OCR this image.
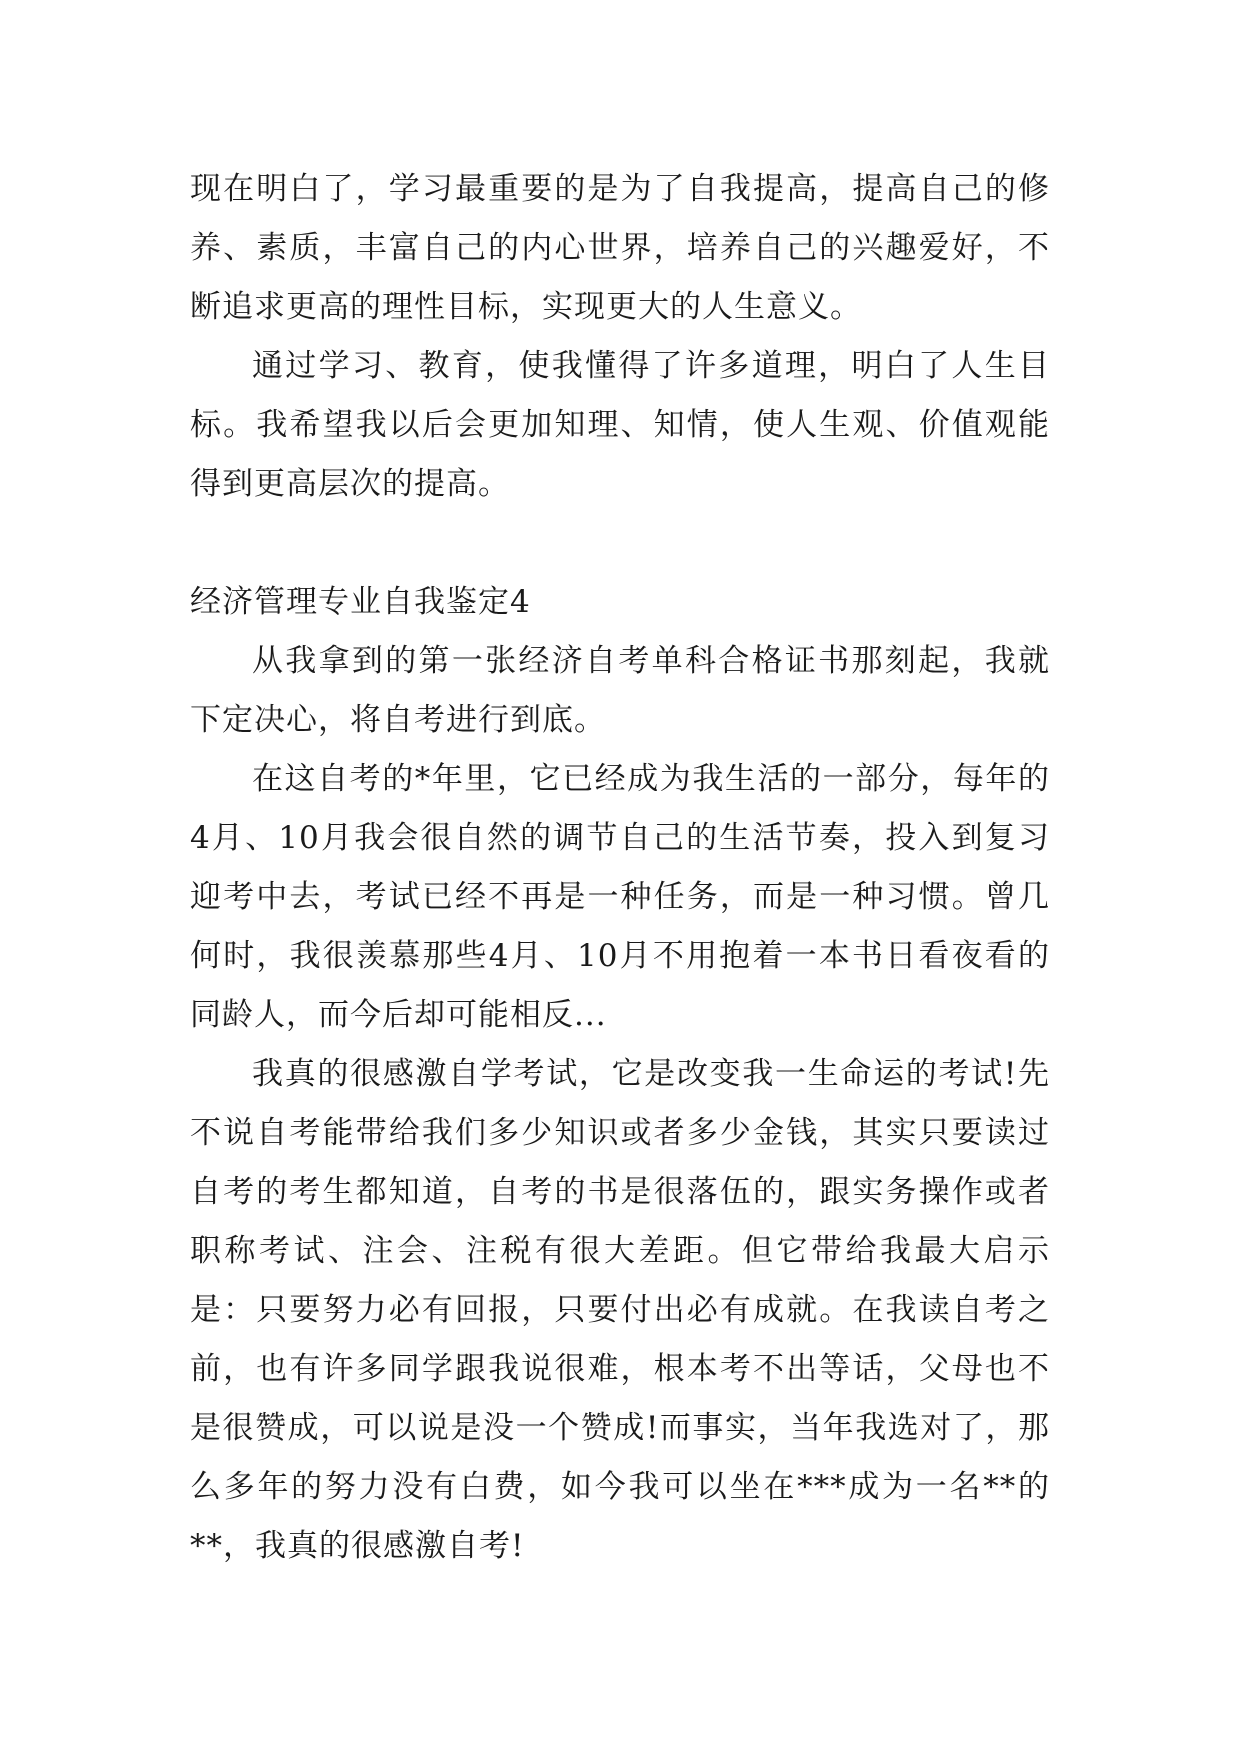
现在明白了，学习最重要的是为了自我提高，提高自己的修养、素质，丰富自己的内心世界，培养自己的兴趣爱好，不断追求更高的理性目标，实现更大的人生意义。

通过学习、教育，使我懂得了许多道理，明白了人生目标。我希望我以后会更加知理、知情，使人生观、价值观能得到更高层次的提高。

经济管理专业自我鉴定4

从我拿到的第一张经济自考单科合格证书那刻起，我就下定决心，将自考进行到底。

在这自考的*年里，它已经成为我生活的一部分，每年的4月、10月我会很自然的调节自己的生活节奏，投入到复习迎考中去，考试已经不再是一种任务，而是一种习惯。曾几何时，我很羡慕那些4月、10月不用抱着一本书日看夜看的同龄人，而今后却可能相反...

我真的很感激自学考试，它是改变我一生命运的考试!先不说自考能带给我们多少知识或者多少金钱，其实只要读过自考的考生都知道，自考的书是很落伍的，跟实务操作或者职称考试、注会、注税有很大差距。但它带给我最大启示是：只要努力必有回报，只要付出必有成就。在我读自考之前，也有许多同学跟我说很难，根本考不出等话，父母也不是很赞成，可以说是没一个赞成!而事实，当年我选对了，那么多年的努力没有白费，如今我可以坐在***成为一名**的**，我真的很感激自考!
